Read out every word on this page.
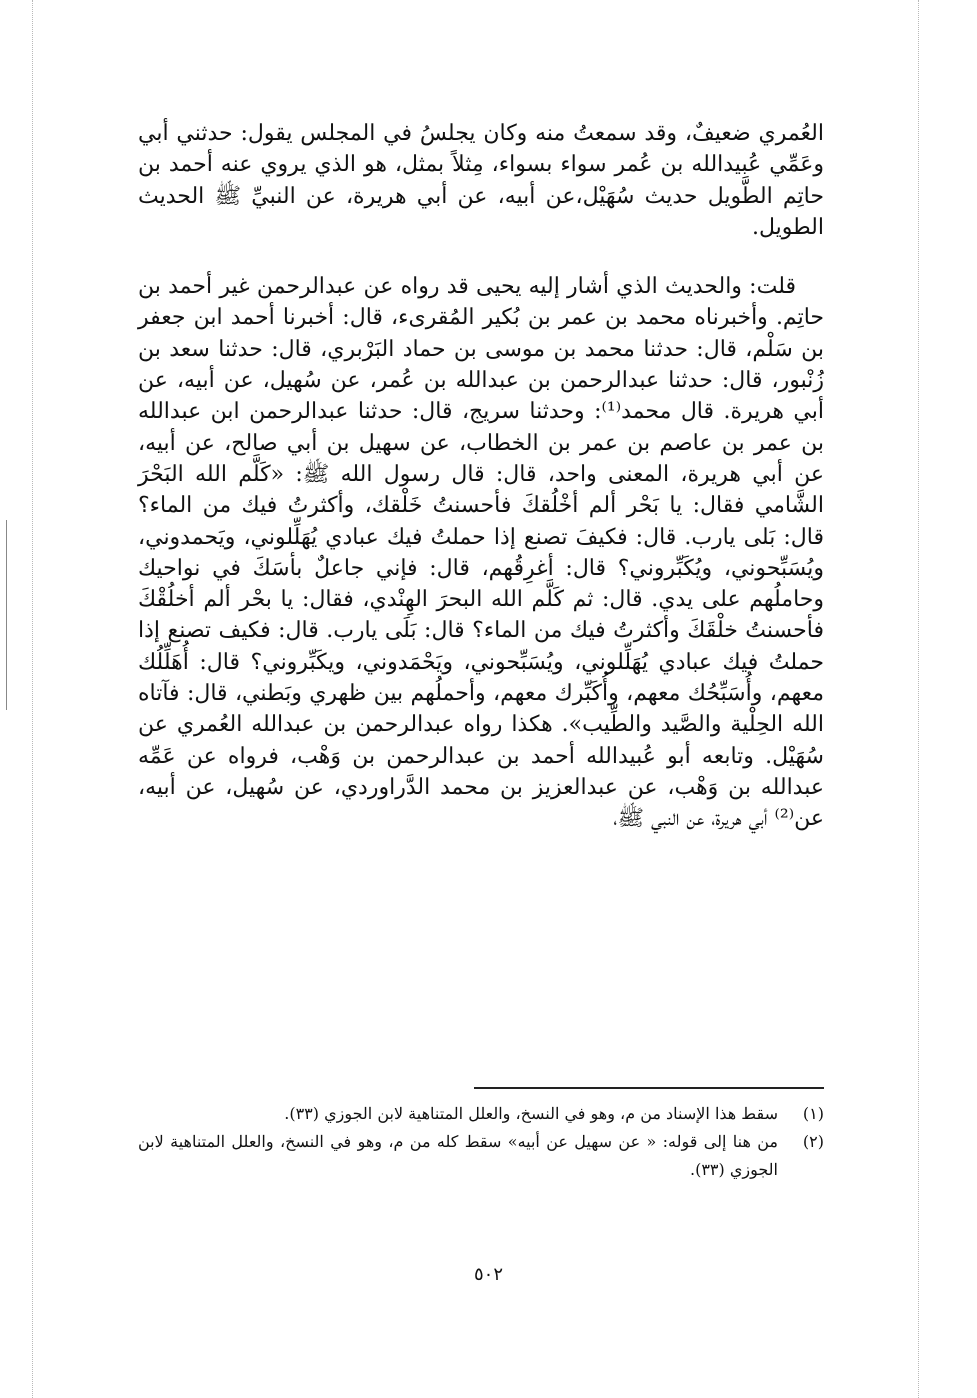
العُمري ضعيفٌ، وقد سمعتُ منه وكان يجلسُ في المجلس يقول: حدثني أبي وعَمِّي عُبيدالله بن عُمر سواء بسواء، مِثلاً بمثل، هو الذي يروي عنه أحمد بن حاتِم الطَّويل حديث سُهَيْل،عن أبيه، عن أبي هريرة، عن النبيِّ ﷺ الحديث الطويل.

قلت: والحديث الذي أشار إليه يحيى قد رواه عن عبدالرحمن غير أحمد بن حاتِم. وأخبرناه محمد بن عمر بن بُكير المُقرىء، قال: أخبرنا أحمد ابن جعفر بن سَلْم، قال: حدثنا محمد بن موسى بن حماد البَرْبري، قال: حدثنا سعد بن زُنْبور، قال: حدثنا عبدالرحمن بن عبدالله بن عُمر، عن سُهيل، عن أبيه، عن أبي هريرة. قال محمد⁽¹⁾: وحدثنا سريج، قال: حدثنا عبدالرحمن ابن عبدالله بن عمر بن عاصم بن عمر بن الخطاب، عن سهيل بن أبي صالح، عن أبيه، عن أبي هريرة، المعنى واحد، قال: قال رسول الله ﷺ: «كَلَّم الله البَحْرَ الشَّامي فقال: يا بَحْر ألم أخْلُقكَ فأحسنتُ خَلْقك، وأكثرتُ فيك من الماء؟ قال: بَلى يارب. قال: فكيفَ تصنع إذا حملتُ فيك عبادي يُهَلِّلوني، ويَحمدوني، ويُسَبِّحوني، ويُكَبِّروني؟ قال: أغرِقُهم، قال: فإني جاعلٌ بأسَكَ في نواحيك وحاملُهم على يدي. قال: ثم كَلَّم الله البحرَ الهِنْدي، فقال: يا بحْر ألم أخلُقْكَ فأحسنتُ خلْقَكَ وأكثرتُ فيك من الماء؟ قال: بَلَى يارب. قال: فكيف تصنع إذا حملتُ فيك عبادي يُهَلِّلوني، ويُسَبِّحوني، ويَحْمَدوني، ويكَبِّروني؟ قال: أُهَلِّلُك معهم، وأُسَبِّحُك معهم، وأُكَبِّرك معهم، وأحملُهم بين ظهري وبَطني، قال: فآتاه الله الحِلْية والصَّيد والطِّيب». هكذا رواه عبدالرحمن بن عبدالله العُمري عن سُهَيْل. وتابعه أبو عُبيدالله أحمد بن عبدالرحمن بن وَهْب، فرواه عن عَمِّه عبدالله بن وَهْب، عن عبدالعزيز بن محمد الدَّراوردي، عن سُهيل، عن أبيه، عن⁽²⁾ أبي هريرة، عن النبي ﷺ،

(١)
سقط هذا الإسناد من م، وهو في النسخ، والعلل المتناهية لابن الجوزي (٣٣).
(٢)
من هنا إلى قوله: « عن سهيل عن أبيه» سقط كله من م، وهو في النسخ، والعلل المتناهية لابن الجوزي (٣٣).
٥٠٢
